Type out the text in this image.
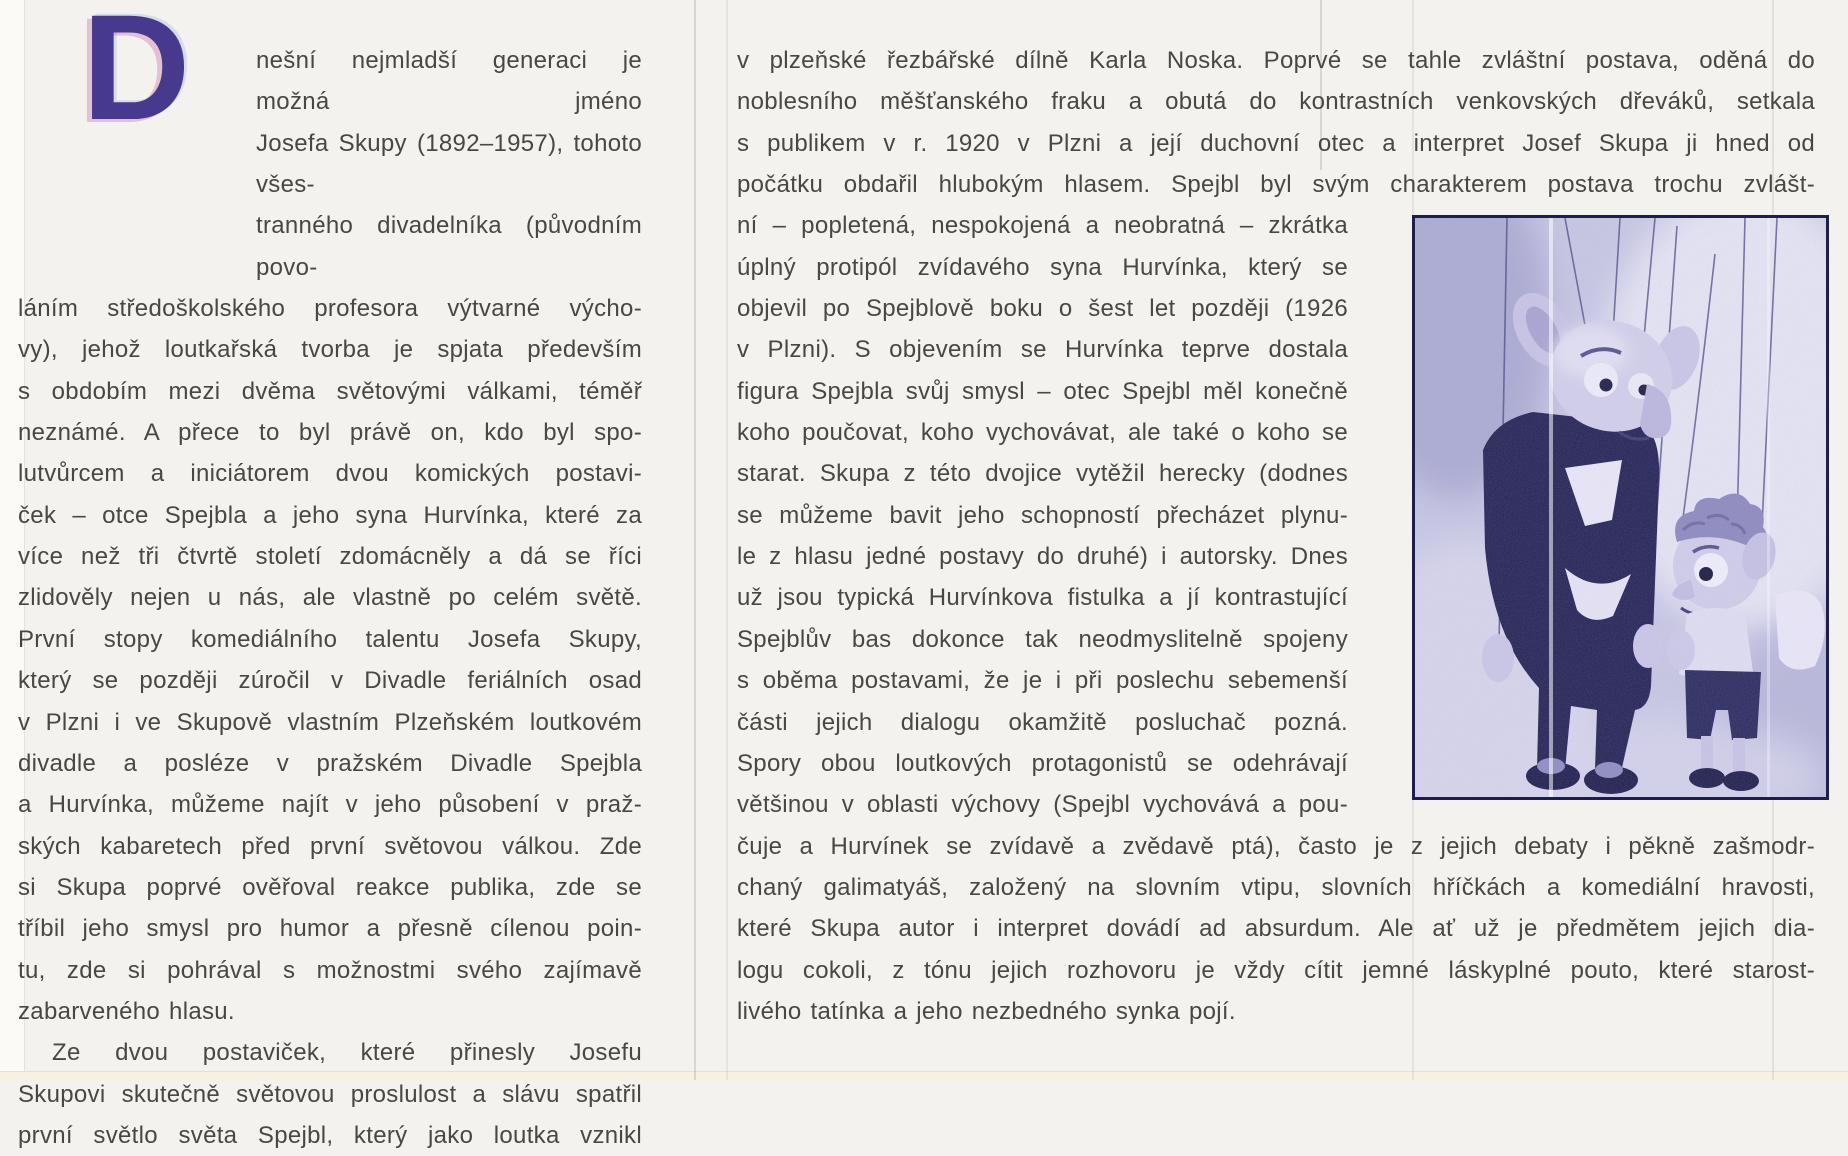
D	nešní nejmladší generaci je možná jméno
Josefa Skupy (1892–1957), tohoto všes-
tranného divadelníka (původním povo-
láním středoškolského profesora výtvarné výcho-
vy), jehož loutkařská tvorba je spjata především
s obdobím mezi dvěma světovými válkami, téměř
neznámé. A přece to byl právě on, kdo byl spo-
lutvůrcem a iniciátorem dvou komických postavi-
ček – otce Spejbla a jeho syna Hurvínka, které za
více než tři čtvrtě století zdomácněly a dá se říci
zlidověly nejen u nás, ale vlastně po celém světě.
První stopy komediálního talentu Josefa Skupy,
který se později zúročil v Divadle feriálních osad
v Plzni i ve Skupově vlastním Plzeňském loutkovém
divadle a posléze v pražském Divadle Spejbla
a Hurvínka, můžeme najít v jeho působení v praž-
ských kabaretech před první světovou válkou. Zde
si Skupa poprvé ověřoval reakce publika, zde se
tříbil jeho smysl pro humor a přesně cílenou poin-
tu, zde si pohrával s možnostmi svého zajímavě
zabarveného hlasu.
Ze dvou postaviček, které přinesly Josefu
Skupovi skutečně světovou proslulost a slávu spatřil
první světlo světa Spejbl, který jako loutka vznikl
v plzeňské řezbářské dílně Karla Noska. Poprvé se tahle zvláštní postava, oděná do
noblesního měšťanského fraku a obutá do kontrastních venkovských dřeváků, setkala
s publikem v r. 1920 v Plzni a její duchovní otec a interpret Josef Skupa ji hned od
počátku obdařil hlubokým hlasem. Spejbl byl svým charakterem postava trochu zvlášt-
ní – popletená, nespokojená a neobratná – zkrátka
úplný protipól zvídavého syna Hurvínka, který se
objevil po Spejblově boku o šest let později (1926
v Plzni). S objevením se Hurvínka teprve dostala
figura Spejbla svůj smysl – otec Spejbl měl konečně
koho poučovat, koho vychovávat, ale také o koho se
starat. Skupa z této dvojice vytěžil herecky (dodnes
se můžeme bavit jeho schopností přecházet plynu-
le z hlasu jedné postavy do druhé) i autorsky. Dnes
už jsou typická Hurvínkova fistulka a jí kontrastující
Spejblův bas dokonce tak neodmyslitelně spojeny
s oběma postavami, že je i při poslechu sebemenší
části jejich dialogu okamžitě posluchač pozná.
Spory obou loutkových protagonistů se odehrávají
většinou v oblasti výchovy (Spejbl vychovává a pou-
čuje a Hurvínek se zvídavě a zvědavě ptá), často je z jejich debaty i pěkně zašmodr-
chaný galimatyáš, založený na slovním vtipu, slovních hříčkách a komediální hravosti,
které Skupa autor i interpret dovádí ad absurdum. Ale ať už je předmětem jejich dia-
logu cokoli, z tónu jejich rozhovoru je vždy cítit jemné láskyplné pouto, které starost-
livého tatínka a jeho nezbedného synka pojí.
